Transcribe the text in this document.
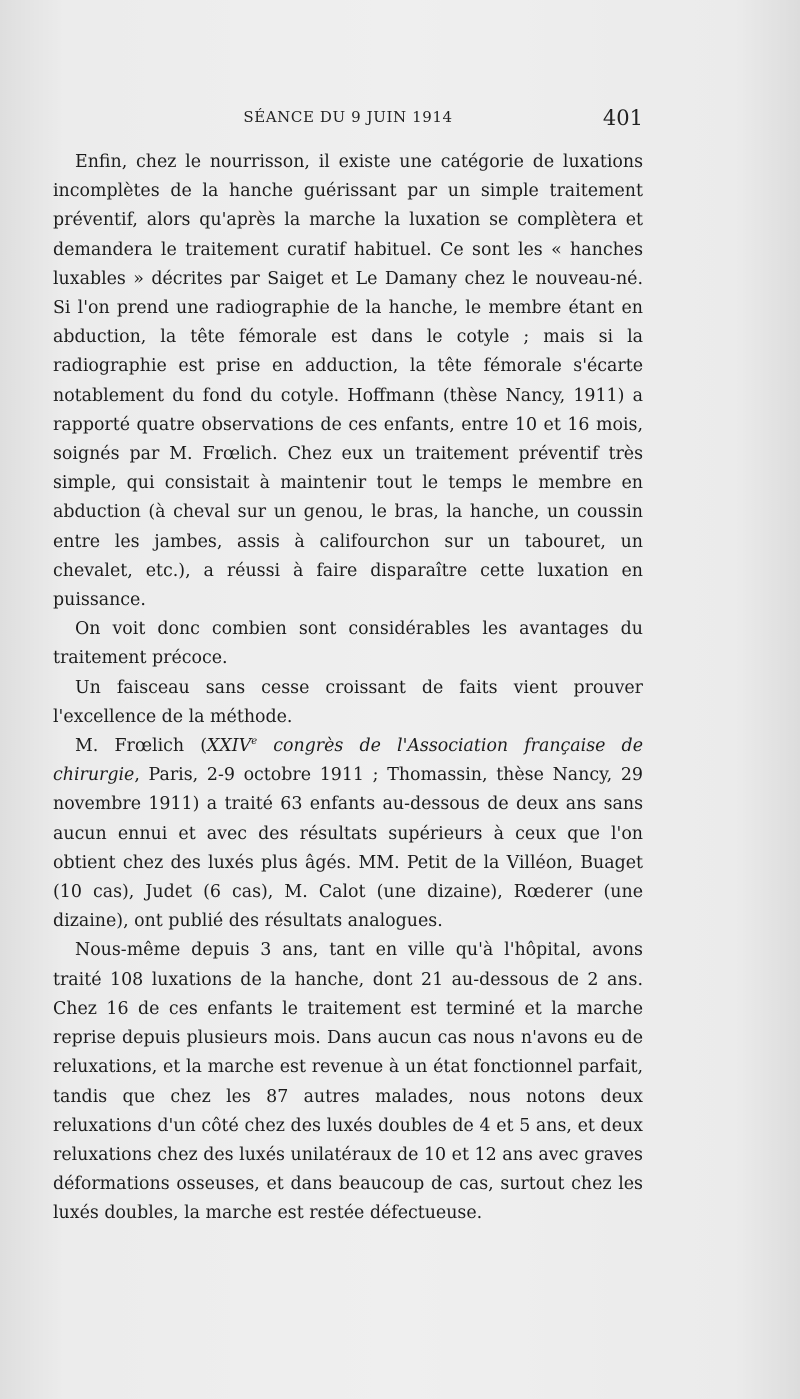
SÉANCE DU 9 JUIN 1914	401

Enfin, chez le nourrisson, il existe une catégorie de luxations incomplètes de la hanche guérissant par un simple traitement préventif, alors qu'après la marche la luxation se complètera et demandera le traitement curatif habituel. Ce sont les « hanches luxables » décrites par Saiget et Le Damany chez le nouveau-né. Si l'on prend une radiographie de la hanche, le membre étant en abduction, la tête fémorale est dans le cotyle ; mais si la radiographie est prise en adduction, la tête fémorale s'écarte notablement du fond du cotyle. Hoffmann (thèse Nancy, 1911) a rapporté quatre observations de ces enfants, entre 10 et 16 mois, soignés par M. Frœlich. Chez eux un traitement préventif très simple, qui consistait à maintenir tout le temps le membre en abduction (à cheval sur un genou, le bras, la hanche, un coussin entre les jambes, assis à califourchon sur un tabouret, un chevalet, etc.), a réussi à faire disparaître cette luxation en puissance.

On voit donc combien sont considérables les avantages du traitement précoce.

Un faisceau sans cesse croissant de faits vient prouver l'excellence de la méthode.

M. Frœlich (XXIVe congrès de l'Association française de chirurgie, Paris, 2-9 octobre 1911 ; Thomassin, thèse Nancy, 29 novembre 1911) a traité 63 enfants au-dessous de deux ans sans aucun ennui et avec des résultats supérieurs à ceux que l'on obtient chez des luxés plus âgés. MM. Petit de la Villéon, Buaget (10 cas), Judet (6 cas), M. Calot (une dizaine), Rœderer (une dizaine), ont publié des résultats analogues.

Nous-même depuis 3 ans, tant en ville qu'à l'hôpital, avons traité 108 luxations de la hanche, dont 21 au-dessous de 2 ans. Chez 16 de ces enfants le traitement est terminé et la marche reprise depuis plusieurs mois. Dans aucun cas nous n'avons eu de reluxations, et la marche est revenue à un état fonctionnel parfait, tandis que chez les 87 autres malades, nous notons deux reluxations d'un côté chez des luxés doubles de 4 et 5 ans, et deux reluxations chez des luxés unilatéraux de 10 et 12 ans avec graves déformations osseuses, et dans beaucoup de cas, surtout chez les luxés doubles, la marche est restée défectueuse.
